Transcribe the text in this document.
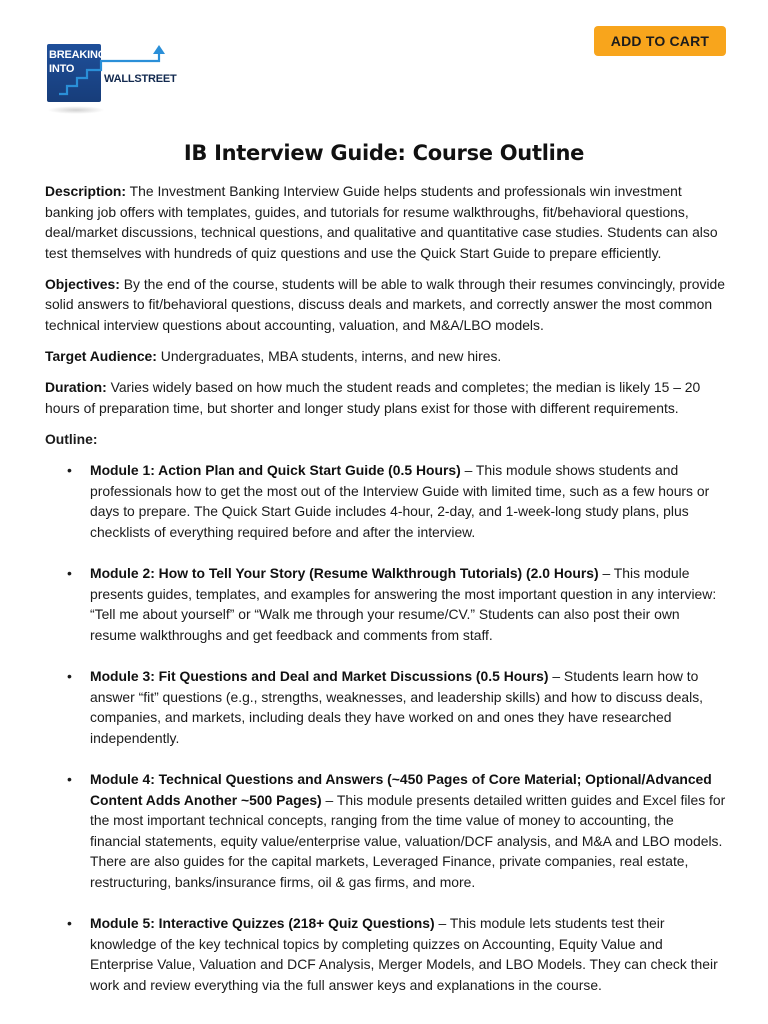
ADD TO CART
BREAKING
INTO
WALLSTREET
IB Interview Guide: Course Outline

Description: The Investment Banking Interview Guide helps students and professionals win investment banking job offers with templates, guides, and tutorials for resume walkthroughs, fit/behavioral questions, deal/market discussions, technical questions, and qualitative and quantitative case studies. Students can also test themselves with hundreds of quiz questions and use the Quick Start Guide to prepare efficiently.

Objectives: By the end of the course, students will be able to walk through their resumes convincingly, provide solid answers to fit/behavioral questions, discuss deals and markets, and correctly answer the most common technical interview questions about accounting, valuation, and M&A/LBO models.

Target Audience: Undergraduates, MBA students, interns, and new hires.

Duration: Varies widely based on how much the student reads and completes; the median is likely 15 – 20 hours of preparation time, but shorter and longer study plans exist for those with different requirements.

Outline:
• Module 1: Action Plan and Quick Start Guide (0.5 Hours) – This module shows students and professionals how to get the most out of the Interview Guide with limited time, such as a few hours or days to prepare. The Quick Start Guide includes 4-hour, 2-day, and 1-week-long study plans, plus checklists of everything required before and after the interview.
• Module 2: How to Tell Your Story (Resume Walkthrough Tutorials) (2.0 Hours) – This module presents guides, templates, and examples for answering the most important question in any interview: “Tell me about yourself” or “Walk me through your resume/CV.” Students can also post their own resume walkthroughs and get feedback and comments from staff.
• Module 3: Fit Questions and Deal and Market Discussions (0.5 Hours) – Students learn how to answer “fit” questions (e.g., strengths, weaknesses, and leadership skills) and how to discuss deals, companies, and markets, including deals they have worked on and ones they have researched independently.
• Module 4: Technical Questions and Answers (~450 Pages of Core Material; Optional/Advanced Content Adds Another ~500 Pages) – This module presents detailed written guides and Excel files for the most important technical concepts, ranging from the time value of money to accounting, the financial statements, equity value/enterprise value, valuation/DCF analysis, and M&A and LBO models. There are also guides for the capital markets, Leveraged Finance, private companies, real estate, restructuring, banks/insurance firms, oil & gas firms, and more.
• Module 5: Interactive Quizzes (218+ Quiz Questions) – This module lets students test their knowledge of the key technical topics by completing quizzes on Accounting, Equity Value and Enterprise Value, Valuation and DCF Analysis, Merger Models, and LBO Models. They can check their work and review everything via the full answer keys and explanations in the course.
